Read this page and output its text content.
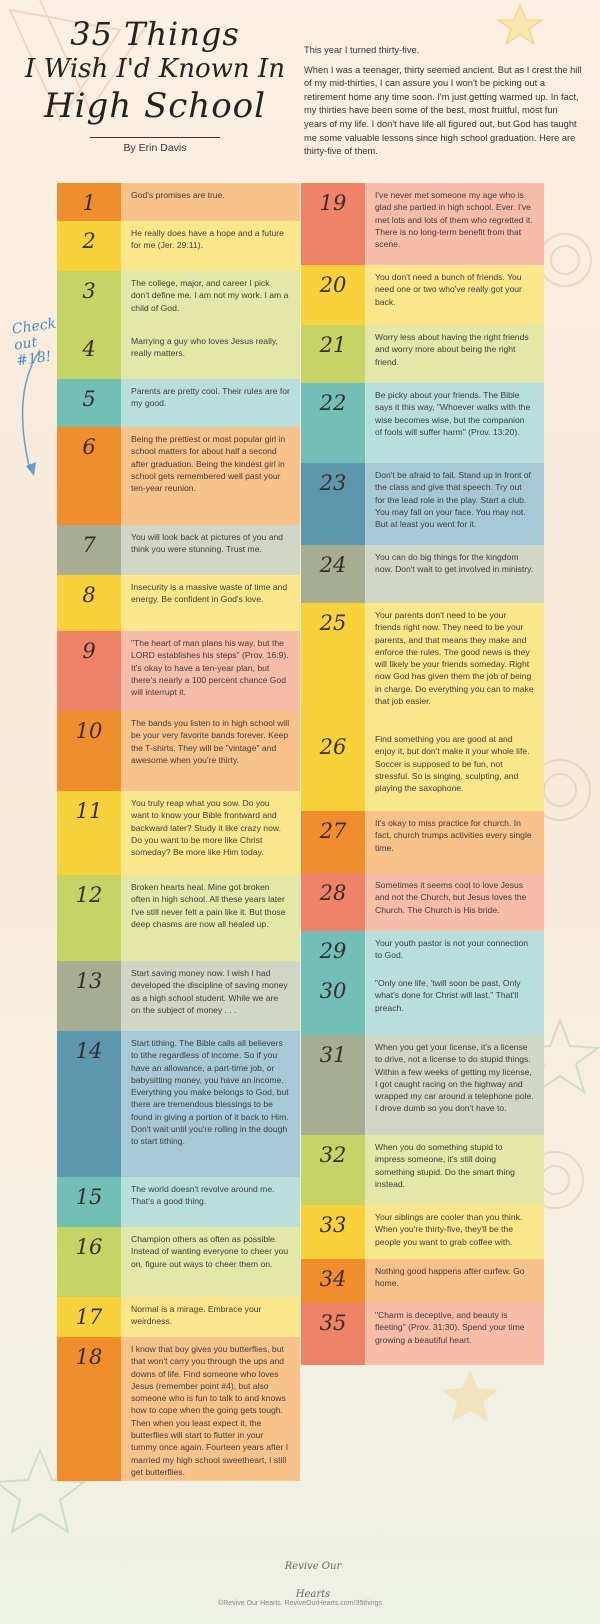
35 Things
I Wish I'd Known In
High School
By Erin Davis

This year I turned thirty-five.

When I was a teenager, thirty seemed ancient. But as I crest the hill of my mid-thirties, I can assure you I won't be picking out a retirement home any time soon. I'm just getting warmed up. In fact, my thirties have been some of the best, most fruitful, most fun years of my life. I don't have life all figured out, but God has taught me some valuable lessons since high school graduation. Here are thirty-five of them.

Check out #18!
1	God's promises are true.
2	He really does have a hope and a future for me (Jer. 29:11).
3	The college, major, and career I pick don't define me. I am not my work. I am a child of God.
4	Marrying a guy who loves Jesus really, really matters.
5	Parents are pretty cool. Their rules are for my good.
6	Being the prettiest or most popular girl in school matters for about half a second after graduation. Being the kindest girl in school gets remembered well past your ten-year reunion.
7	You will look back at pictures of you and think you were stunning. Trust me.
8	Insecurity is a massive waste of time and energy. Be confident in God's love.
9	"The heart of man plans his way, but the LORD establishes his steps" (Prov. 16:9). It's okay to have a ten-year plan, but there's nearly a 100 percent chance God will interrupt it.
10	The bands you listen to in high school will be your very favorite bands forever. Keep the T-shirts. They will be "vintage" and awesome when you're thirty.
11	You truly reap what you sow. Do you want to know your Bible frontward and backward later? Study it like crazy now. Do you want to be more like Christ someday? Be more like Him today.
12	Broken hearts heal. Mine got broken often in high school. All these years later I've still never felt a pain like it. But those deep chasms are now all healed up.
13	Start saving money now. I wish I had developed the discipline of saving money as a high school student. While we are on the subject of money . . .
14	Start tithing. The Bible calls all believers to tithe regardless of income. So if you have an allowance, a part-time job, or babysitting money, you have an income. Everything you make belongs to God, but there are tremendous blessings to be found in giving a portion of it back to Him. Don't wait until you're rolling in the dough to start tithing.
15	The world doesn't revolve around me. That's a good thing.
16	Champion others as often as possible. Instead of wanting everyone to cheer you on, figure out ways to cheer them on.
17	Normal is a mirage. Embrace your weirdness.
18	I know that boy gives you butterflies, but that won't carry you through the ups and downs of life. Find someone who loves Jesus (remember point #4), but also someone who is fun to talk to and knows how to cope when the going gets tough. Then when you least expect it, the butterflies will start to flutter in your tummy once again. Fourteen years after I married my high school sweetheart, I still get butterflies.
19	I've never met someone my age who is glad she partied in high school. Ever. I've met lots and lots of them who regretted it. There is no long-term benefit from that scene.
20	You don't need a bunch of friends. You need one or two who've really got your back.
21	Worry less about having the right friends and worry more about being the right friend.
22	Be picky about your friends. The Bible says it this way, "Whoever walks with the wise becomes wise, but the companion of fools will suffer harm" (Prov. 13:20).
23	Don't be afraid to fail. Stand up in front of the class and give that speech. Try out for the lead role in the play. Start a club. You may fall on your face. You may not. But at least you went for it.
24	You can do big things for the kingdom now. Don't wait to get involved in ministry.
25	Your parents don't need to be your friends right now. They need to be your parents, and that means they make and enforce the rules. The good news is they will likely be your friends someday. Right now God has given them the job of being in charge. Do everything you can to make that job easier.
26	Find something you are good at and enjoy it, but don't make it your whole life. Soccer is supposed to be fun, not stressful. So is singing, sculpting, and playing the saxophone.
27	It's okay to miss practice for church. In fact, church trumps activities every single time.
28	Sometimes it seems cool to love Jesus and not the Church, but Jesus loves the Church. The Church is His bride.
29	Your youth pastor is not your connection to God.
30	"Only one life, 'twill soon be past, Only what's done for Christ will last." That'll preach.
31	When you get your license, it's a license to drive, not a license to do stupid things. Within a few weeks of getting my license, I got caught racing on the highway and wrapped my car around a telephone pole. I drove dumb so you don't have to.
32	When you do something stupid to impress someone, it's still doing something stupid. Do the smart thing instead.
33	Your siblings are cooler than you think. When you're thirty-five, they'll be the people you want to grab coffee with.
34	Nothing good happens after curfew. Go home.
35	"Charm is deceptive, and beauty is fleeting" (Prov. 31:30). Spend your time growing a beautiful heart.
Revive Our Hearts
©Revive Our Hearts. ReviveOurHearts.com/35things
